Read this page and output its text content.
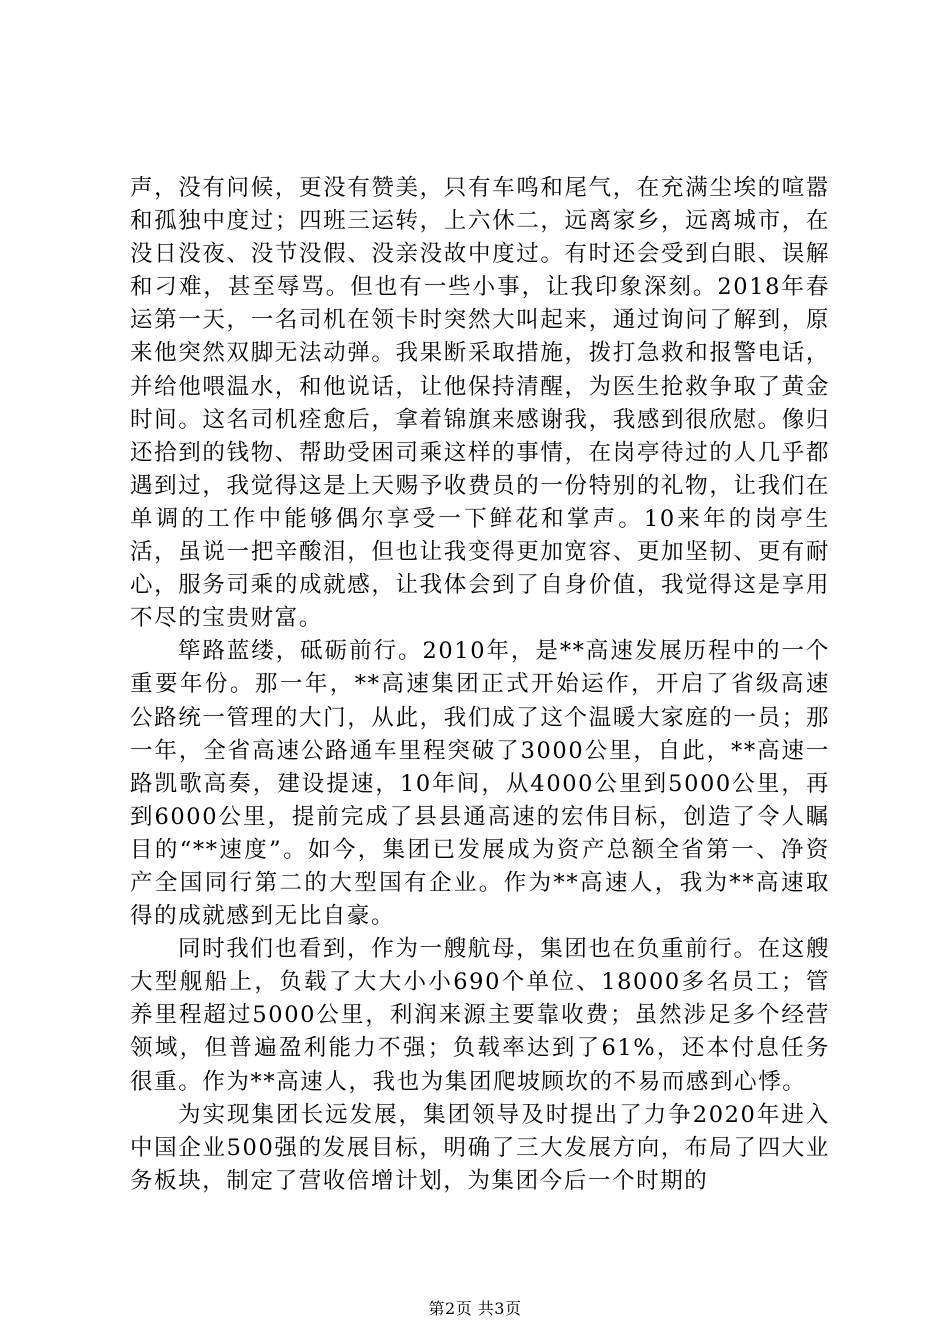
声，没有问候，更没有赞美，只有车鸣和尾气，在充满尘埃的喧嚣和孤独中度过；四班三运转，上六休二，远离家乡，远离城市，在没日没夜、没节没假、没亲没故中度过。有时还会受到白眼、误解和刁难，甚至辱骂。但也有一些小事，让我印象深刻。2018年春运第一天，一名司机在领卡时突然大叫起来，通过询问了解到，原来他突然双脚无法动弹。我果断采取措施，拨打急救和报警电话，并给他喂温水，和他说话，让他保持清醒，为医生抢救争取了黄金时间。这名司机痊愈后，拿着锦旗来感谢我，我感到很欣慰。像归还拾到的钱物、帮助受困司乘这样的事情，在岗亭待过的人几乎都遇到过，我觉得这是上天赐予收费员的一份特别的礼物，让我们在单调的工作中能够偶尔享受一下鲜花和掌声。10来年的岗亭生活，虽说一把辛酸泪，但也让我变得更加宽容、更加坚韧、更有耐心，服务司乘的成就感，让我体会到了自身价值，我觉得这是享用不尽的宝贵财富。

筚路蓝缕，砥砺前行。2010年，是**高速发展历程中的一个重要年份。那一年，**高速集团正式开始运作，开启了省级高速公路统一管理的大门，从此，我们成了这个温暖大家庭的一员；那一年，全省高速公路通车里程突破了3000公里，自此，**高速一路凯歌高奏，建设提速，10年间，从4000公里到5000公里，再到6000公里，提前完成了县县通高速的宏伟目标，创造了令人瞩目的“**速度”。如今，集团已发展成为资产总额全省第一、净资产全国同行第二的大型国有企业。作为**高速人，我为**高速取得的成就感到无比自豪。

同时我们也看到，作为一艘航母，集团也在负重前行。在这艘大型舰船上，负载了大大小小690个单位、18000多名员工；管养里程超过5000公里，利润来源主要靠收费；虽然涉足多个经营领域，但普遍盈利能力不强；负载率达到了61%，还本付息任务很重。作为**高速人，我也为集团爬坡顾坎的不易而感到心悸。

为实现集团长远发展，集团领导及时提出了力争2020年进入中国企业500强的发展目标，明确了三大发展方向，布局了四大业务板块，制定了营收倍增计划，为集团今后一个时期的

第2页 共3页
